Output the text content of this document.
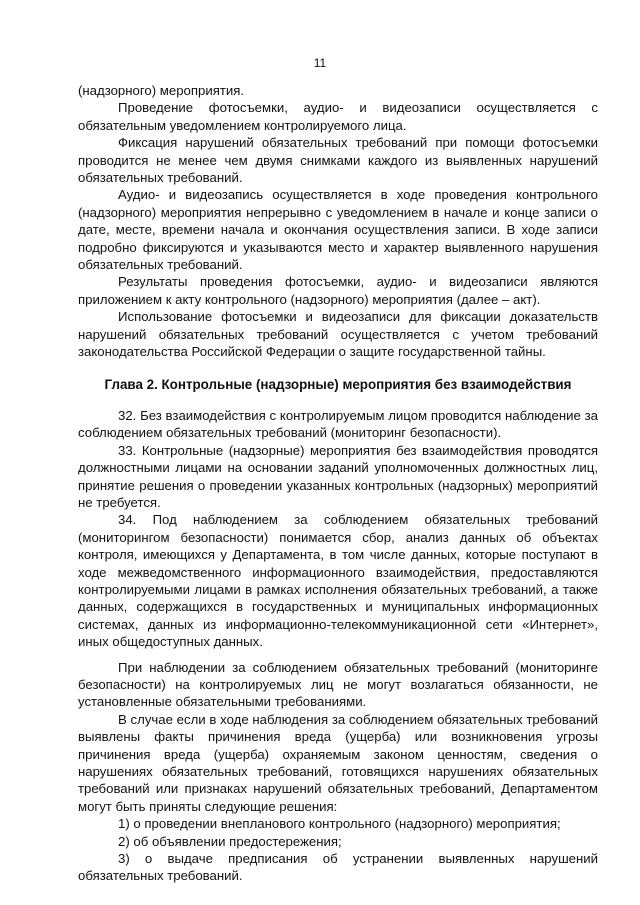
11

(надзорного) мероприятия.

Проведение фотосъемки, аудио- и видеозаписи осуществляется с обязательным уведомлением контролируемого лица.

Фиксация нарушений обязательных требований при помощи фотосъемки проводится не менее чем двумя снимками каждого из выявленных нарушений обязательных требований.

Аудио- и видеозапись осуществляется в ходе проведения контрольного (надзорного) мероприятия непрерывно с уведомлением в начале и конце записи о дате, месте, времени начала и окончания осуществления записи. В ходе записи подробно фиксируются и указываются место и характер выявленного нарушения обязательных требований.

Результаты проведения фотосъемки, аудио- и видеозаписи являются приложением к акту контрольного (надзорного) мероприятия (далее – акт).

Использование фотосъемки и видеозаписи для фиксации доказательств нарушений обязательных требований осуществляется с учетом требований законодательства Российской Федерации о защите государственной тайны.

Глава 2. Контрольные (надзорные) мероприятия без взаимодействия

32. Без взаимодействия с контролируемым лицом проводится наблюдение за соблюдением обязательных требований (мониторинг безопасности).

33. Контрольные (надзорные) мероприятия без взаимодействия проводятся должностными лицами на основании заданий уполномоченных должностных лиц, принятие решения о проведении указанных контрольных (надзорных) мероприятий не требуется.

34. Под наблюдением за соблюдением обязательных требований (мониторингом безопасности) понимается сбор, анализ данных об объектах контроля, имеющихся у Департамента, в том числе данных, которые поступают в ходе межведомственного информационного взаимодействия, предоставляются контролируемыми лицами в рамках исполнения обязательных требований, а также данных, содержащихся в государственных и муниципальных информационных системах, данных из информационно-телекоммуникационной сети «Интернет», иных общедоступных данных.

При наблюдении за соблюдением обязательных требований (мониторинге безопасности) на контролируемых лиц не могут возлагаться обязанности, не установленные обязательными требованиями.

В случае если в ходе наблюдения за соблюдением обязательных требований выявлены факты причинения вреда (ущерба) или возникновения угрозы причинения вреда (ущерба) охраняемым законом ценностям, сведения о нарушениях обязательных требований, готовящихся нарушениях обязательных требований или признаках нарушений обязательных требований, Департаментом могут быть приняты следующие решения:

1) о проведении внепланового контрольного (надзорного) мероприятия;

2) об объявлении предостережения;

3) о выдаче предписания об устранении выявленных нарушений обязательных требований.
